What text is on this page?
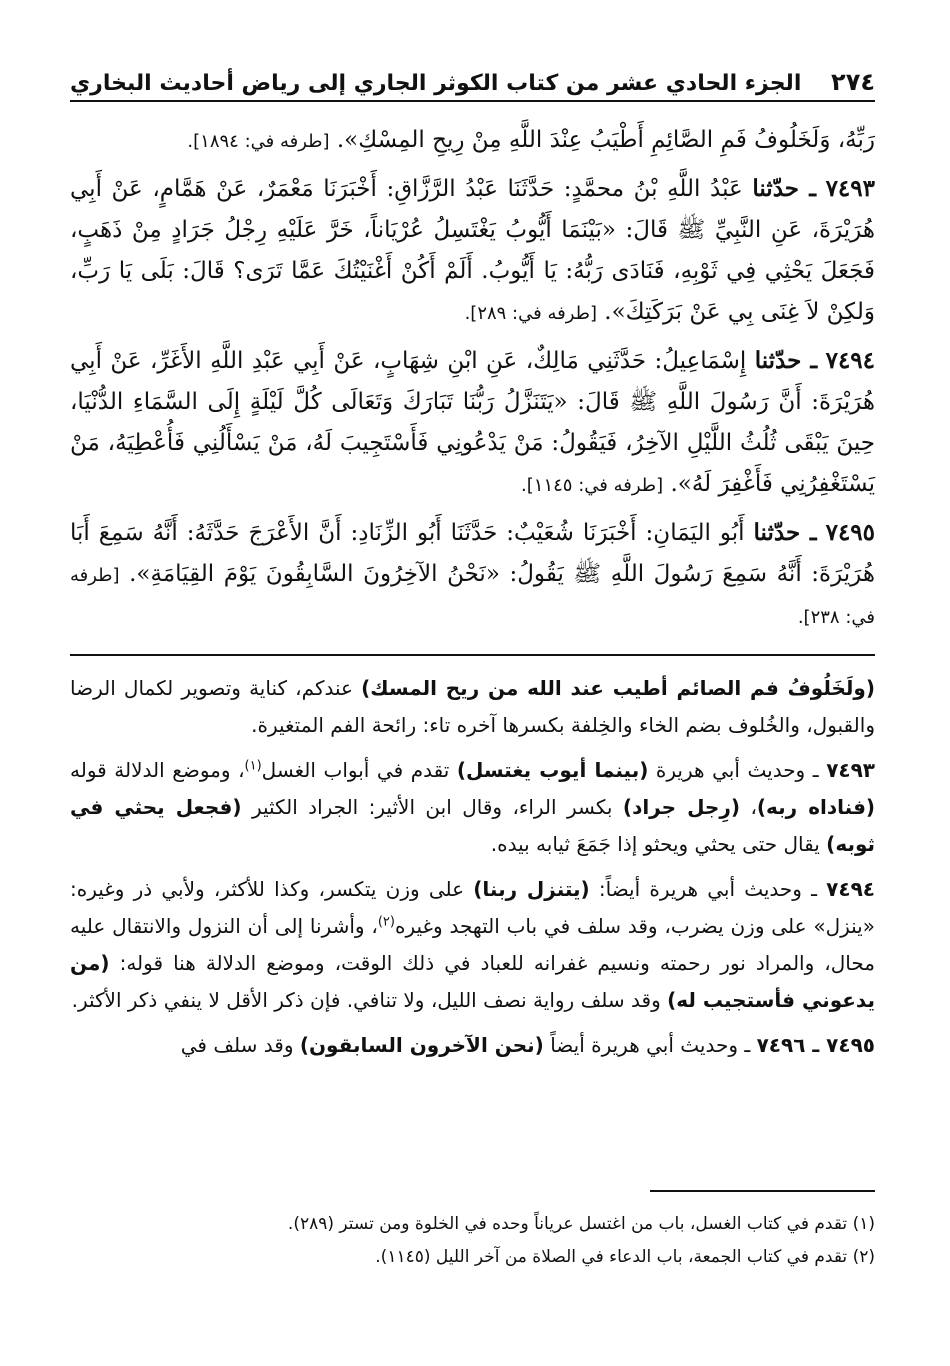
٢٧٤
الجزء الحادي عشر من كتاب الكوثر الجاري إلى رياض أحاديث البخاري

رَبِّهُ، وَلَخَلُوفُ فَمِ الصَّائِمِ أَطْيَبُ عِنْدَ اللَّهِ مِنْ رِيحِ المِسْكِ». [طرفه في: ١٨٩٤].

٧٤٩٣ ـ حدّثنا عَبْدُ اللَّهِ بْنُ محمَّدٍ: حَدَّثَنَا عَبْدُ الرَّزَّاقِ: أَخْبَرَنَا مَعْمَرٌ، عَنْ هَمَّامٍ، عَنْ أَبِي هُرَيْرَةَ، عَنِ النَّبِيِّ ﷺ قَالَ: «بَيْنَمَا أَيُّوبُ يَغْتَسِلُ عُرْيَاناً، خَرَّ عَلَيْهِ رِجْلُ جَرَادٍ مِنْ ذَهَبٍ، فَجَعَلَ يَحْثِي فِي ثَوْبِهِ، فَنَادَى رَبُّهُ: يَا أَيُّوبُ. أَلَمْ أَكُنْ أَغْنَيْتُكَ عَمَّا تَرَى؟ قَالَ: بَلَى يَا رَبِّ، وَلكِنْ لاَ غِنَى بِي عَنْ بَرَكَتِكَ». [طرفه في: ٢٨٩].

٧٤٩٤ ـ حدّثنا إِسْمَاعِيلُ: حَدَّثَنِي مَالِكٌ، عَنِ ابْنِ شِهَابٍ، عَنْ أَبِي عَبْدِ اللَّهِ الأَغَرِّ، عَنْ أَبِي هُرَيْرَةَ: أَنَّ رَسُولَ اللَّهِ ﷺ قَالَ: «يَتَنَزَّلُ رَبُّنَا تَبَارَكَ وَتَعَالَى كُلَّ لَيْلَةٍ إِلَى السَّمَاءِ الدُّنْيَا، حِينَ يَبْقَى ثُلُثُ اللَّيْلِ الآخِرُ، فَيَقُولُ: مَنْ يَدْعُونِي فَأَسْتَجِيبَ لَهُ، مَنْ يَسْأَلُنِي فَأُعْطِيَهُ، مَنْ يَسْتَغْفِرُنِي فَأَغْفِرَ لَهُ». [طرفه في: ١١٤٥].

٧٤٩٥ ـ حدّثنا أَبُو اليَمَانِ: أَخْبَرَنَا شُعَيْبٌ: حَدَّثَنَا أَبُو الزِّنَادِ: أَنَّ الأَعْرَجَ حَدَّثَهُ: أَنَّهُ سَمِعَ أَبَا هُرَيْرَةَ: أَنَّهُ سَمِعَ رَسُولَ اللَّهِ ﷺ يَقُولُ: «نَحْنُ الآخِرُونَ السَّابِقُونَ يَوْمَ القِيَامَةِ». [طرفه في: ٢٣٨].

(ولَخَلُوفُ فم الصائم أطيب عند الله من ريح المسك) عندكم، كناية وتصوير لكمال الرضا والقبول، والخُلوف بضم الخاء والخِلفة بكسرها آخره تاء: رائحة الفم المتغيرة.

٧٤٩٣ ـ وحديث أبي هريرة (بينما أيوب يغتسل) تقدم في أبواب الغسل$^{(١)}$، وموضع الدلالة قوله (فناداه ربه)، (رِجل جراد) بكسر الراء، وقال ابن الأثير: الجراد الكثير (فجعل يحثي في ثوبه) يقال حتى يحثي ويحثو إذا جَمَعَ ثيابه بيده.

٧٤٩٤ ـ وحديث أبي هريرة أيضاً: (يتنزل ربنا) على وزن يتكسر، وكذا للأكثر، ولأبي ذر وغيره: «ينزل» على وزن يضرب، وقد سلف في باب التهجد وغيره$^{(٢)}$، وأشرنا إلى أن النزول والانتقال عليه محال، والمراد نور رحمته ونسيم غفرانه للعباد في ذلك الوقت، وموضع الدلالة هنا قوله: (من يدعوني فأستجيب له) وقد سلف رواية نصف الليل، ولا تنافي. فإن ذكر الأقل لا ينفي ذكر الأكثر.

٧٤٩٥ ـ ٧٤٩٦ ـ وحديث أبي هريرة أيضاً (نحن الآخرون السابقون) وقد سلف في

(١) تقدم في كتاب الغسل، باب من اغتسل عرياناً وحده في الخلوة ومن تستر (٢٨٩).

(٢) تقدم في كتاب الجمعة، باب الدعاء في الصلاة من آخر الليل (١١٤٥).
